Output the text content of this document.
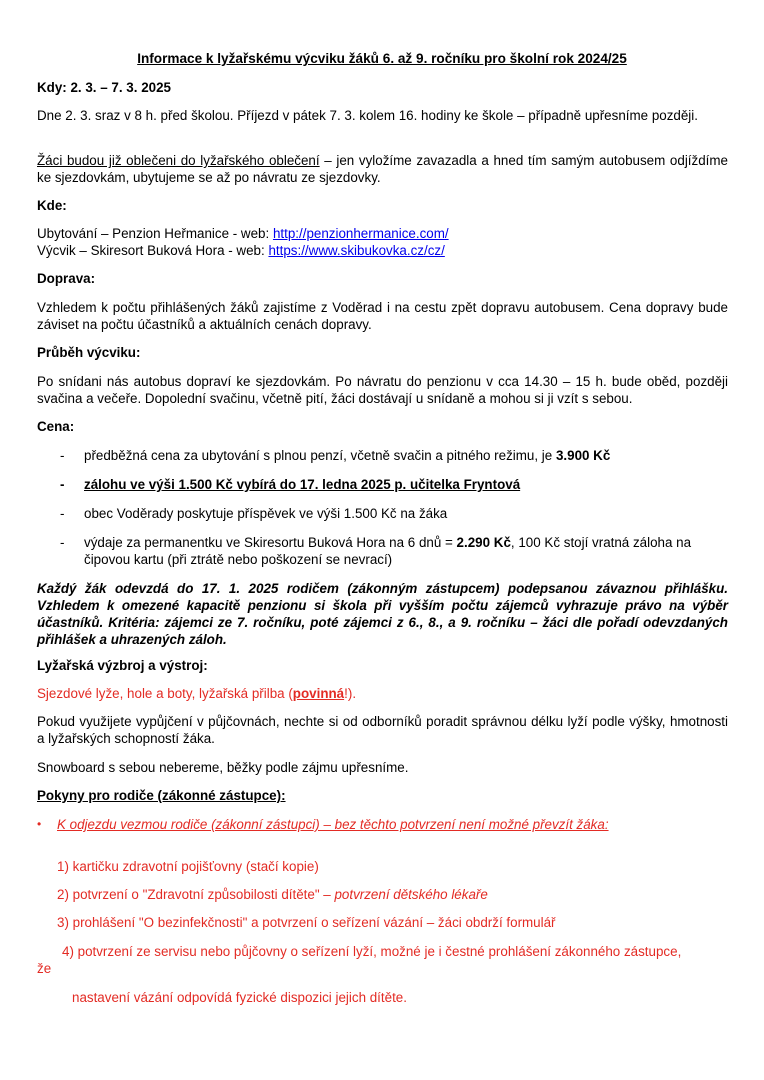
Informace k lyžařskému výcviku žáků 6. až 9. ročníku pro školní rok 2024/25
Kdy: 2. 3. – 7. 3. 2025
Dne 2. 3. sraz v 8 h. před školou. Příjezd v pátek 7. 3. kolem 16. hodiny ke škole – případně upřesníme později.
Žáci budou již oblečeni do lyžařského oblečení – jen vyložíme zavazadla a hned tím samým autobusem odjíždíme ke sjezdovkám, ubytujeme se až po návratu ze sjezdovky.
Kde:
Ubytování – Penzion Heřmanice - web: http://penzionhermanice.com/
Výcvik – Skiresort Buková Hora - web: https://www.skibukovka.cz/cz/
Doprava:
Vzhledem k počtu přihlášených žáků zajistíme z Voděrad i na cestu zpět dopravu autobusem. Cena dopravy bude záviset na počtu účastníků a aktuálních cenách dopravy.
Průběh výcviku:
Po snídani nás autobus dopraví ke sjezdovkám. Po návratu do penzionu v cca 14.30 – 15 h. bude oběd, později svačina a večeře. Dopolední svačinu, včetně pití, žáci dostávají u snídaně a mohou si ji vzít s sebou.
Cena:
- předběžná cena za ubytování s plnou penzí, včetně svačin a pitného režimu, je 3.900 Kč
- zálohu ve výši 1.500 Kč vybírá do 17. ledna 2025 p. učitelka Fryntová
- obec Voděrady poskytuje příspěvek ve výši 1.500 Kč na žáka
- výdaje za permanentku ve Skiresortu Buková Hora na 6 dnů = 2.290 Kč, 100 Kč stojí vratná záloha na
čipovou kartu (při ztrátě nebo poškození se nevrací)
Každý žák odevzdá do 17. 1. 2025 rodičem (zákonným zástupcem) podepsanou závaznou přihlášku. Vzhledem k omezené kapacitě penzionu si škola při vyšším počtu zájemců vyhrazuje právo na výběr účastníků. Kritéria: zájemci ze 7. ročníku, poté zájemci z 6., 8., a 9. ročníku – žáci dle pořadí odevzdaných přihlášek a uhrazených záloh.
Lyžařská výzbroj a výstroj:
Sjezdové lyže, hole a boty, lyžařská přilba (povinná!).
Pokud využijete vypůjčení v půjčovnách, nechte si od odborníků poradit správnou délku lyží podle výšky, hmotnosti a lyžařských schopností žáka.
Snowboard s sebou nebereme, běžky podle zájmu upřesníme.
Pokyny pro rodiče (zákonné zástupce):
• K odjezdu vezmou rodiče (zákonní zástupci) – bez těchto potvrzení není možné převzít žáka:
1) kartičku zdravotní pojišťovny (stačí kopie)
2) potvrzení o "Zdravotní způsobilosti dítěte" – potvrzení dětského lékaře
3) prohlášení "O bezinfekčnosti" a potvrzení o seřízení vázání – žáci obdrží formulář
4) potvrzení ze servisu nebo půjčovny o seřízení lyží, možné je i čestné prohlášení zákonného zástupce,
že
nastavení vázání odpovídá fyzické dispozici jejich dítěte.
